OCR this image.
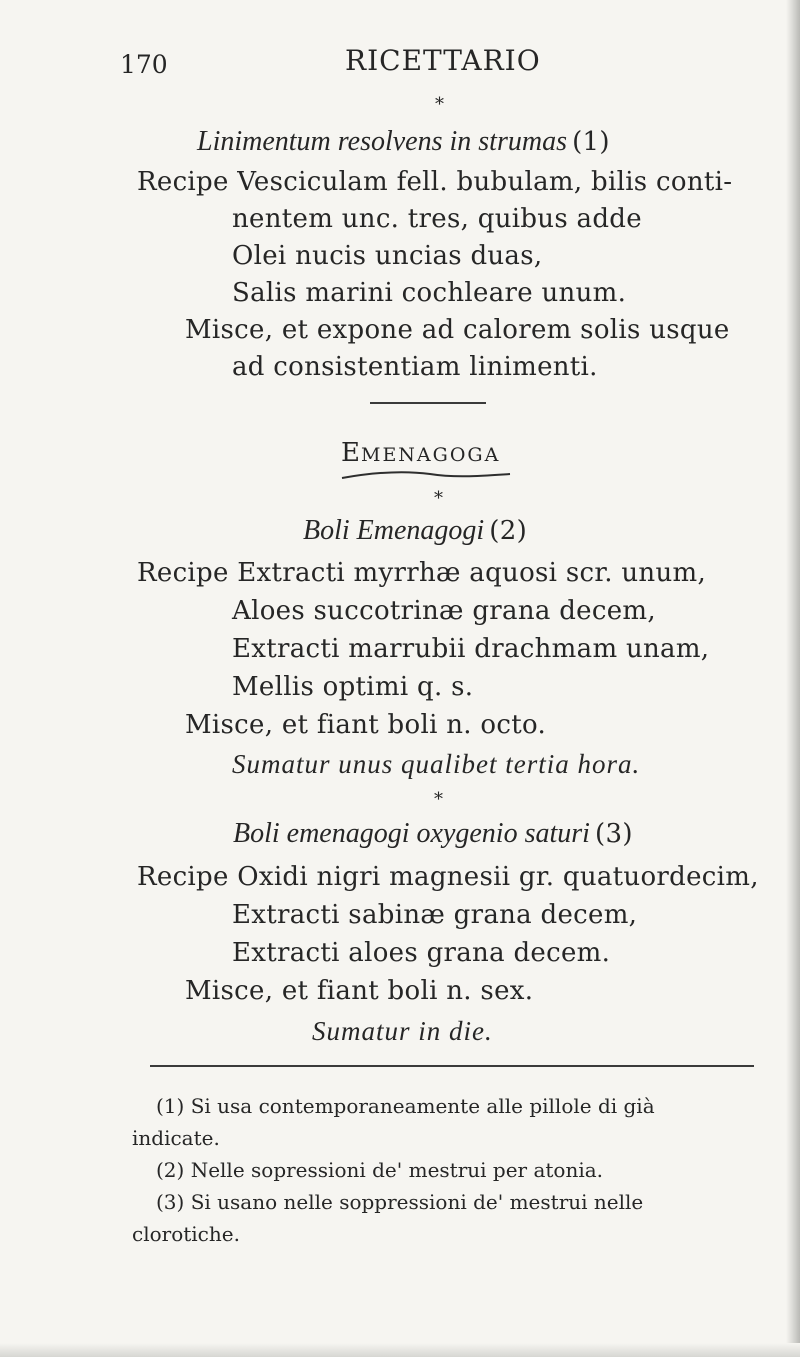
170	RICETTARIO
*
Linimentum resolvens in strumas (1)
Recipe Vesciculam fell. bubulam, bilis conti-
nentem unc. tres, quibus adde
Olei nucis uncias duas,
Salis marini cochleare unum.
Misce, et expone ad calorem solis usque
ad consistentiam linimenti.
EMENAGOGA
*
Boli Emenagogi (2)
Recipe Extracti myrrhæ aquosi scr. unum,
Aloes succotrinæ grana decem,
Extracti marrubii drachmam unam,
Mellis optimi q. s.
Misce, et fiant boli n. octo.
Sumatur unus qualibet tertia hora.
*
Boli emenagogi oxygenio saturi (3)
Recipe Oxidi nigri magnesii gr. quatuordecim,
Extracti sabinæ grana decem,
Extracti aloes grana decem.
Misce, et fiant boli n. sex.
Sumatur in die.
(1) Si usa contemporaneamente alle pillole di già
indicate.
(2) Nelle sopressioni de' mestrui per atonia.
(3) Si usano nelle soppressioni de' mestrui nelle
clorotiche.
